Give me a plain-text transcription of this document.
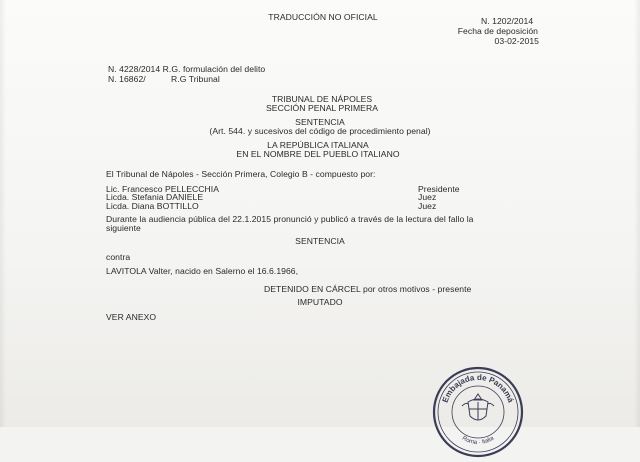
TRADUCCIÓN NO OFICIAL	N. 1202/2014
Fecha de deposición
03-02-2015
N. 4228/2014 R.G. formulación del delito
N. 16862/	R.G Tribunal
TRIBUNAL DE NÁPOLES
SECCIÓN PENAL PRIMERA
SENTENCIA
(Art. 544. y sucesivos del código de procedimiento penal)
LA REPÚBLICA ITALIANA
EN EL NOMBRE DEL PUEBLO ITALIANO
El Tribunal de Nápoles - Sección Primera, Colegio B - compuesto por:
Lic. Francesco PELLECCHIA	Presidente
Licda. Stefania DANIELE	Juez
Licda. Diana BOTTILLO	Juez
Durante la audiencia pública del 22.1.2015 pronunció y publicó a través de la lectura del fallo la
siguiente
SENTENCIA
contra
LAVITOLA Valter, nacido en Salerno el 16.6.1966,
DETENIDO EN CÁRCEL por otros motivos - presente
IMPUTADO
VER ANEXO
Embajada de Panamá
Roma · Italia
